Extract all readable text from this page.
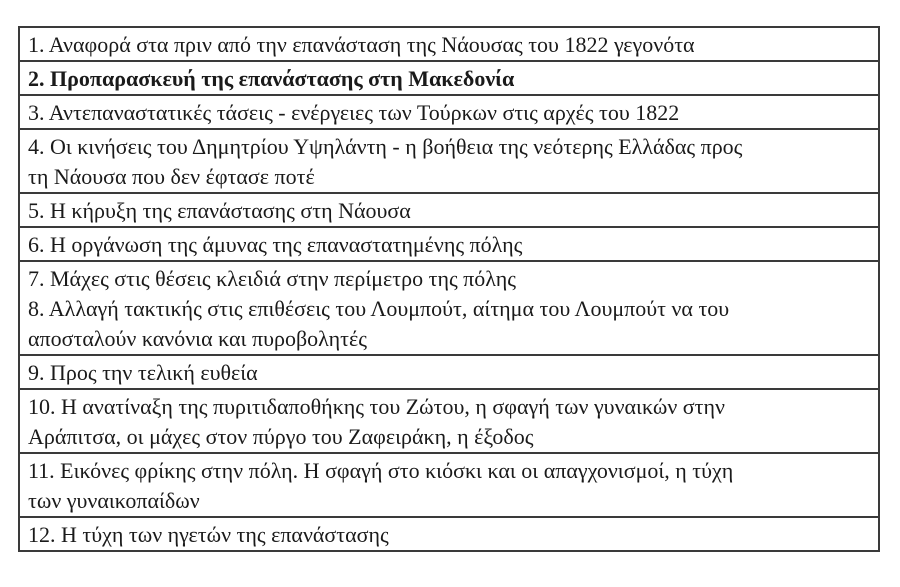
1. Αναφορά στα πριν από την επανάσταση της Νάουσας του 1822 γεγονότα
2. Προπαρασκευή της επανάστασης στη Μακεδονία
3. Αντεπαναστατικές τάσεις - ενέργειες των Τούρκων στις αρχές του 1822
4. Οι κινήσεις του Δημητρίου Υψηλάντη - η βοήθεια της νεότερης Ελλάδας προς
τη Νάουσα που δεν έφτασε ποτέ
5. Η κήρυξη της επανάστασης στη Νάουσα
6. Η οργάνωση της άμυνας της επαναστατημένης πόλης
7. Μάχες στις θέσεις κλειδιά στην περίμετρο της πόλης
8. Αλλαγή τακτικής στις επιθέσεις του Λουμπούτ, αίτημα του Λουμπούτ να του
αποσταλούν κανόνια και πυροβολητές
9. Προς την τελική ευθεία
10. Η ανατίναξη της πυριτιδαποθήκης του Ζώτου, η σφαγή των γυναικών στην
Αράπιτσα, οι μάχες στον πύργο του Ζαφειράκη, η έξοδος
11. Εικόνες φρίκης στην πόλη. Η σφαγή στο κιόσκι και οι απαγχονισμοί, η τύχη
των γυναικοπαίδων
12. Η τύχη των ηγετών της επανάστασης
